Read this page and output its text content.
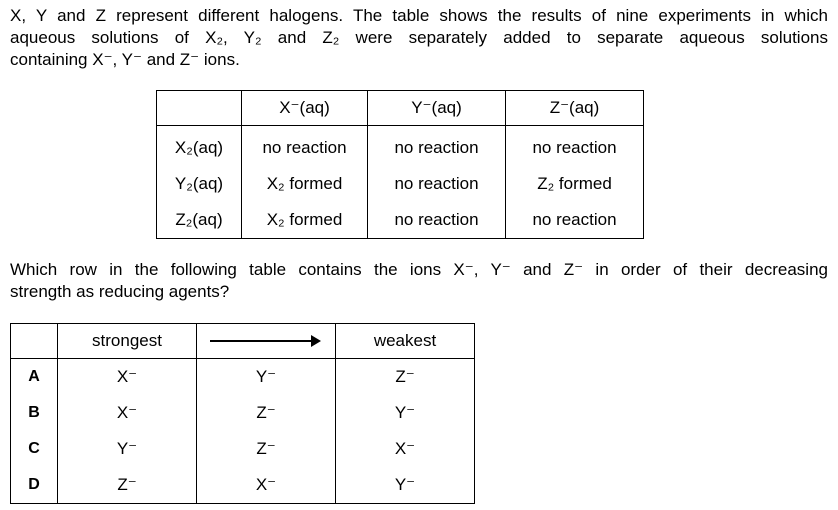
X, Y and Z represent different halogens. The table shows the results of nine experiments in which
aqueous solutions of X₂, Y₂ and Z₂ were separately added to separate aqueous solutions
containing X⁻, Y⁻ and Z⁻ ions.
	X⁻(aq)	Y⁻(aq)	Z⁻(aq)
X₂(aq)	no reaction	no reaction	no reaction
Y₂(aq)	X₂ formed	no reaction	Z₂ formed
Z₂(aq)	X₂ formed	no reaction	no reaction
Which row in the following table contains the ions X⁻, Y⁻ and Z⁻ in order of their decreasing
strength as reducing agents?
	strongest		weakest
A	X⁻	Y⁻	Z⁻
B	X⁻	Z⁻	Y⁻
C	Y⁻	Z⁻	X⁻
D	Z⁻	X⁻	Y⁻
